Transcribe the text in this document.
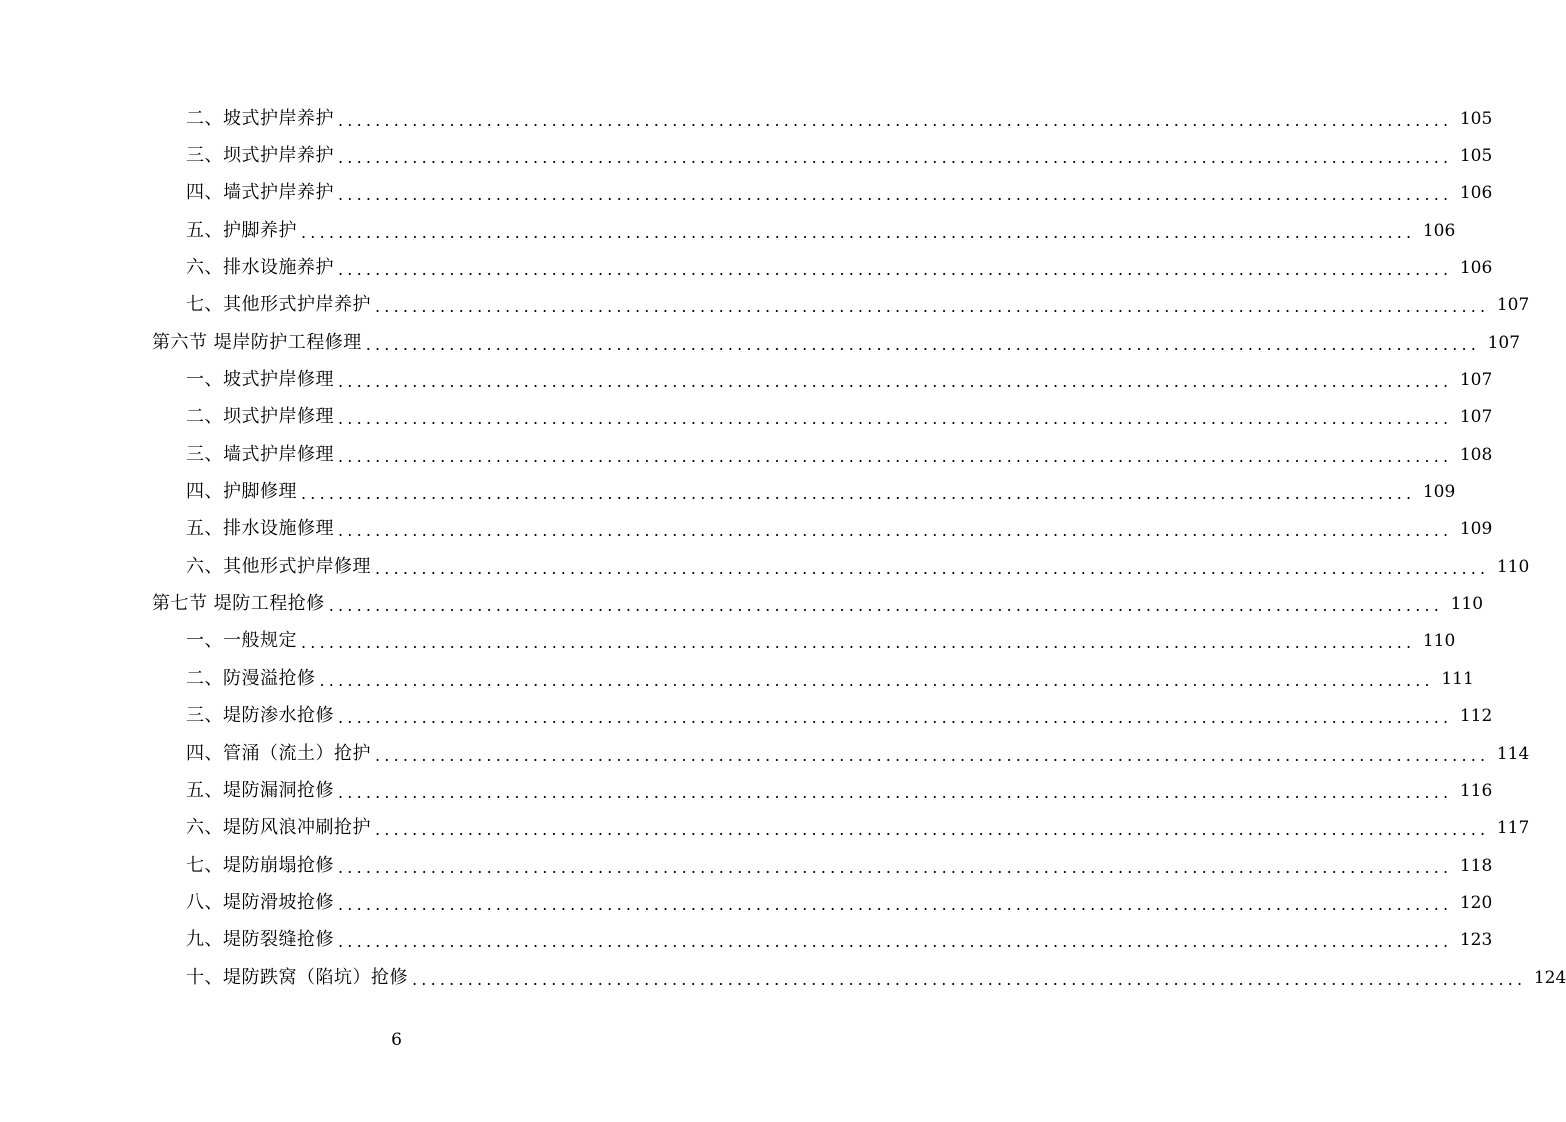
二、坡式护岸养护 ........................................................................................................................ 105
三、坝式护岸养护 ........................................................................................................................ 105
四、墙式护岸养护 ........................................................................................................................ 106
五、护脚养护 ........................................................................................................................ 106
六、排水设施养护 ........................................................................................................................ 106
七、其他形式护岸养护 ........................................................................................................................ 107
第六节 堤岸防护工程修理 ........................................................................................................................ 107
一、坡式护岸修理 ........................................................................................................................ 107
二、坝式护岸修理 ........................................................................................................................ 107
三、墙式护岸修理 ........................................................................................................................ 108
四、护脚修理 ........................................................................................................................ 109
五、排水设施修理 ........................................................................................................................ 109
六、其他形式护岸修理 ........................................................................................................................ 110
第七节 堤防工程抢修 ........................................................................................................................ 110
一、一般规定 ........................................................................................................................ 110
二、防漫溢抢修 ........................................................................................................................ 111
三、堤防渗水抢修 ........................................................................................................................ 112
四、管涌（流土）抢护 ........................................................................................................................ 114
五、堤防漏洞抢修 ........................................................................................................................ 116
六、堤防风浪冲刷抢护 ........................................................................................................................ 117
七、堤防崩塌抢修 ........................................................................................................................ 118
八、堤防滑坡抢修 ........................................................................................................................ 120
九、堤防裂缝抢修 ........................................................................................................................ 123
十、堤防跌窝（陷坑）抢修 ........................................................................................................................ 124
6
